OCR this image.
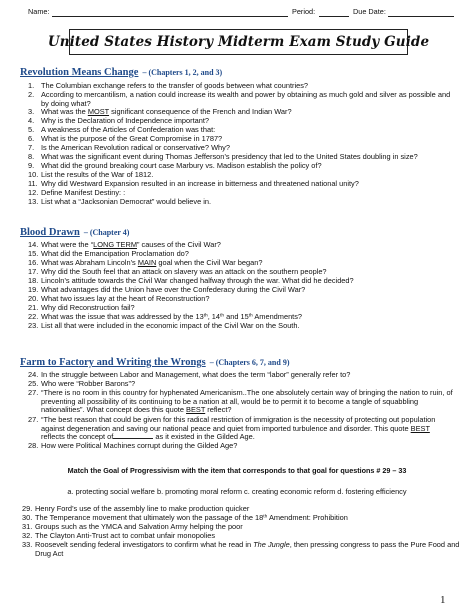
Name:	Period:	Due Date:
United States History Midterm Exam Study Guide
Revolution Means Change – (Chapters 1, 2, and 3)
1. The Columbian exchange refers to the transfer of goods between what countries?
2. According to mercantilism, a nation could increase its wealth and power by obtaining as much gold and silver as possible and by doing what?
3. What was the MOST significant consequence of the French and Indian War?
4. Why is the Declaration of Independence important?
5. A weakness of the Articles of Confederation was that:
6. What is the purpose of the Great Compromise in 1787?
7. Is the American Revolution radical or conservative? Why?
8. What was the significant event during Thomas Jefferson’s presidency that led to the United States doubling in size?
9. What did the ground breaking court case Marbury vs. Madison establish the policy of?
10. List the results of the War of 1812.
11. Why did Westward Expansion resulted in an increase in bitterness and threatened national unity?
12. Define Manifest Destiny: :
13. List what a “Jacksonian Democrat” would believe in.
Blood Drawn – (Chapter 4)
14. What were the “LONG TERM” causes of the Civil War?
15. What did the Emancipation Proclamation do?
16. What was Abraham Lincoln’s MAIN goal when the Civil War began?
17. Why did the South feel that an attack on slavery was an attack on the southern people?
18. Lincoln’s attitude towards the Civil War changed halfway through the war. What did he decided?
19. What advantages did the Union have over the Confederacy during the Civil War?
20. What two issues lay at the heart of Reconstruction?
21. Why did Reconstruction fail?
22. What was the issue that was addressed by the 13th, 14th and 15th Amendments?
23. List all that were included in the economic impact of the Civil War on the South.
Farm to Factory and Writing the Wrongs – (Chapters 6, 7, and 9)
24. In the struggle between Labor and Management, what does the term “labor” generally refer to?
25. Who were “Robber Barons”?
27. “There is no room in this country for hyphenated Americanism..The one absolutely certain way of bringing the nation to ruin, of preventing all possibility of its continuing to be a nation at all, would be to permit it to become a tangle of squabbling nationalities”. What concept does this quote BEST reflect?
27. “The best reason that could be given for this radical restriction of immigration is the necessity of protecting out population against degeneration and saving our national peace and quiet from imported turbulence and disorder. This quote BEST reflects the concept of	as it existed in the Gilded Age.
28. How were Political Machines corrupt during the Gilded Age?
Match the Goal of Progressivism with the item that corresponds to that goal for questions # 29 – 33
a. protecting social welfare b. promoting moral reform c. creating economic reform d. fostering efficiency
29. Henry Ford’s use of the assembly line to make production quicker
30. The Temperance movement that ultimately won the passage of the 18th Amendment: Prohibition
31. Groups such as the YMCA and Salvation Army helping the poor
32. The Clayton Anti-Trust act to combat unfair monopolies
33. Roosevelt sending federal investigators to confirm what he read in The Jungle, then pressing congress to pass the Pure Food and Drug Act
1
